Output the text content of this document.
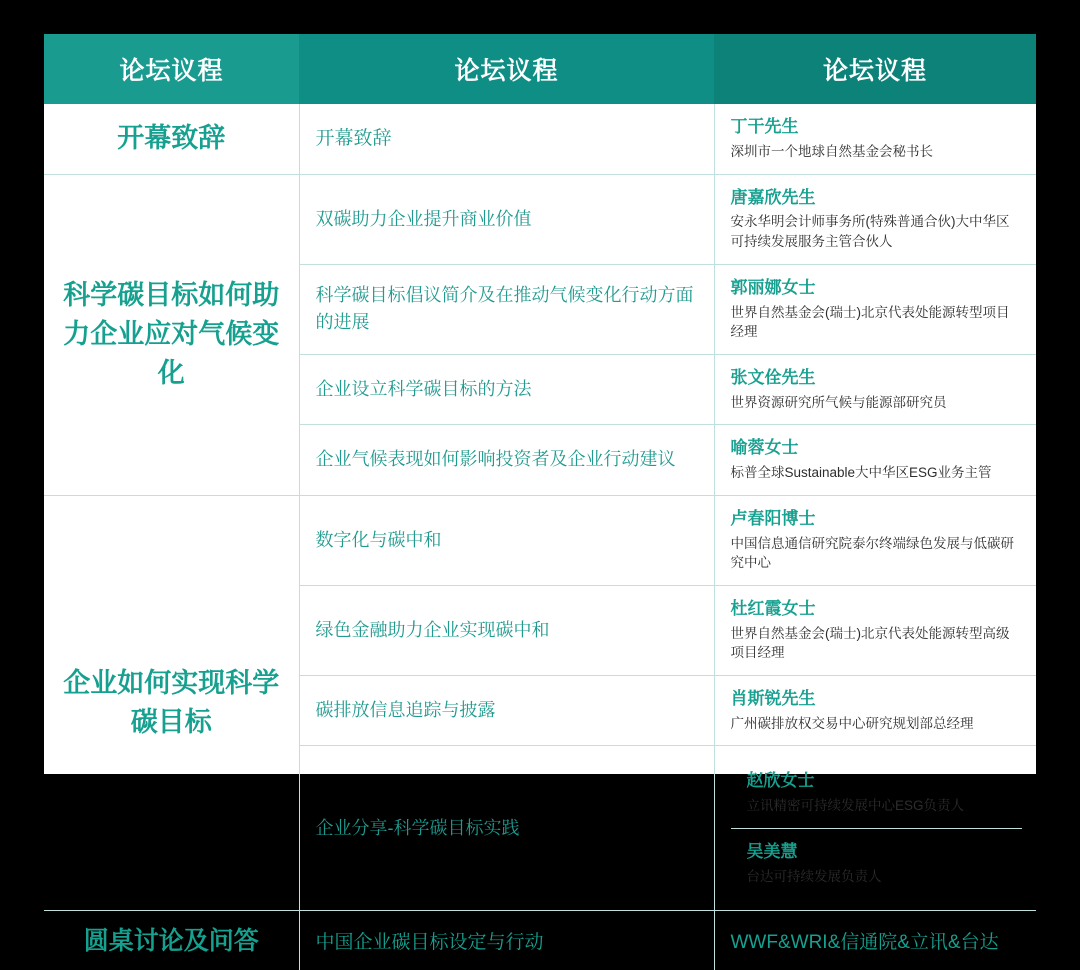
论坛议程	论坛议程	论坛议程
开幕致辞	开幕致辞	丁干先生
深圳市一个地球自然基金会秘书长

科学碳目标如何助力企业应对气候变化	双碳助力企业提升商业价值	唐嘉欣先生
安永华明会计师事务所(特殊普通合伙)大中华区可持续发展服务主管合伙人

	科学碳目标倡议简介及在推动气候变化行动方面的进展	郭丽娜女士
世界自然基金会(瑞士)北京代表处能源转型项目经理

	企业设立科学碳目标的方法	张文佺先生
世界资源研究所气候与能源部研究员

	企业气候表现如何影响投资者及企业行动建议	喻蓉女士
标普全球Sustainable大中华区ESG业务主管

企业如何实现科学碳目标	数字化与碳中和	卢春阳博士
中国信息通信研究院泰尔终端绿色发展与低碳研究中心

	绿色金融助力企业实现碳中和	杜红霞女士
世界自然基金会(瑞士)北京代表处能源转型高级项目经理

	碳排放信息追踪与披露	肖斯锐先生
广州碳排放权交易中心研究规划部总经理

	企业分享-科学碳目标实践	赵欣女士
立讯精密可持续发展中心ESG负责人
吴美慧
台达可持续发展负责人

圆桌讨论及问答	中国企业碳目标设定与行动	WWF&WRI&信通院&立讯&台达
